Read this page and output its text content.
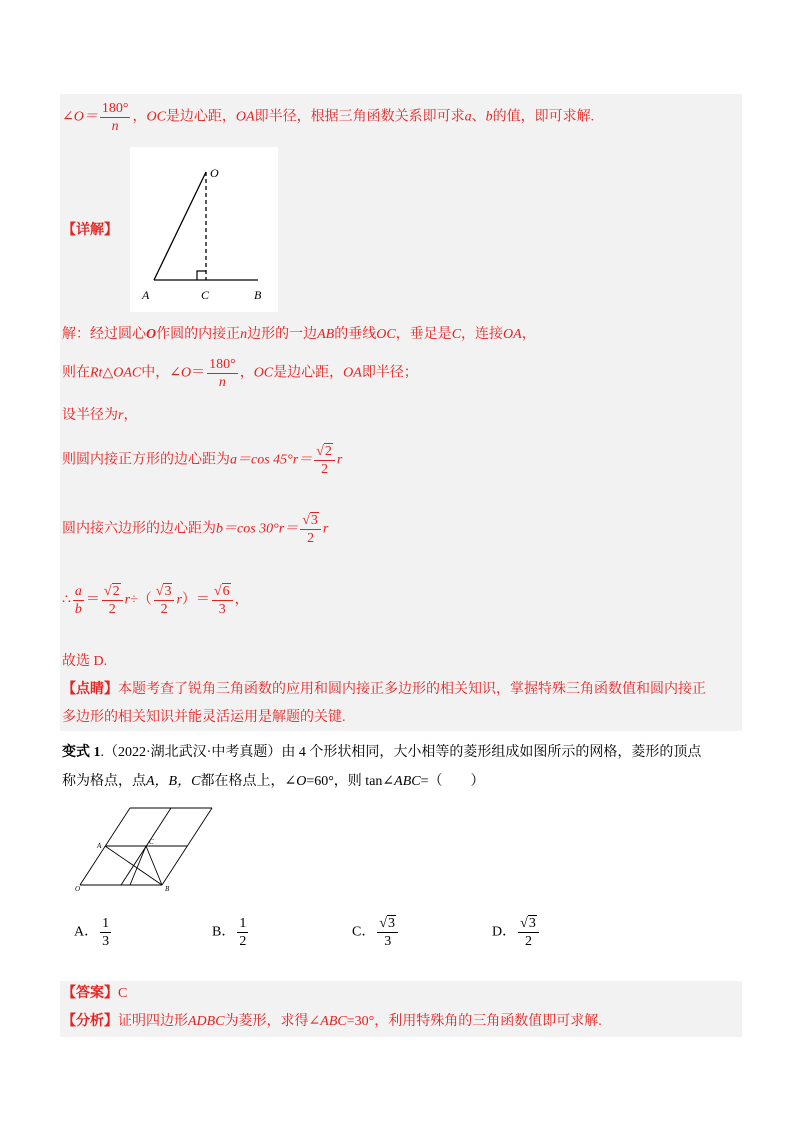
∠O＝ $\frac{180^\circ}{n}$ ，OC是边心距，OA即半径，根据三角函数关系即可求a、b的值，即可求解.
【详解】
O
A	C	B
解：经过圆心O作圆的内接正n边形的一边AB的垂线OC，垂足是C，连接OA，
则在Rt△OAC中，∠O＝ $\frac{180^\circ}{n}$ ，OC是边心距，OA即半径；
设半径为r，
则圆内接正方形的边心距为a＝cos $45^\circ r= \frac{√2}{2}$ r
圆内接六边形的边心距为b＝cos $30^\circ r= \frac{√3}{2}$ r
∴ $\frac{a}{b} = \frac{√2}{2} r\div( \frac{√3}{2} r)= \frac{√6}{3}$ ，
故选 D.
【点睛】本题考查了锐角三角函数的应用和圆内接正多边形的相关知识，掌握特殊三角函数值和圆内接正
多边形的相关知识并能灵活运用是解题的关键.
变式 1.（2022·湖北武汉·中考真题）由 4 个形状相同，大小相等的菱形组成如图所示的网格，菱形的顶点
称为格点，点A，B，C都在格点上，∠O=60°，则 tan∠ABC=（　　）
A	C
O	B
A． $\frac{1}{3}$	B． $\frac{1}{2}$	C． $\frac{√3}{3}$	D． $\frac{√3}{2}$
【答案】C
【分析】证明四边形ADBC为菱形，求得∠ABC=30°，利用特殊角的三角函数值即可求解.
